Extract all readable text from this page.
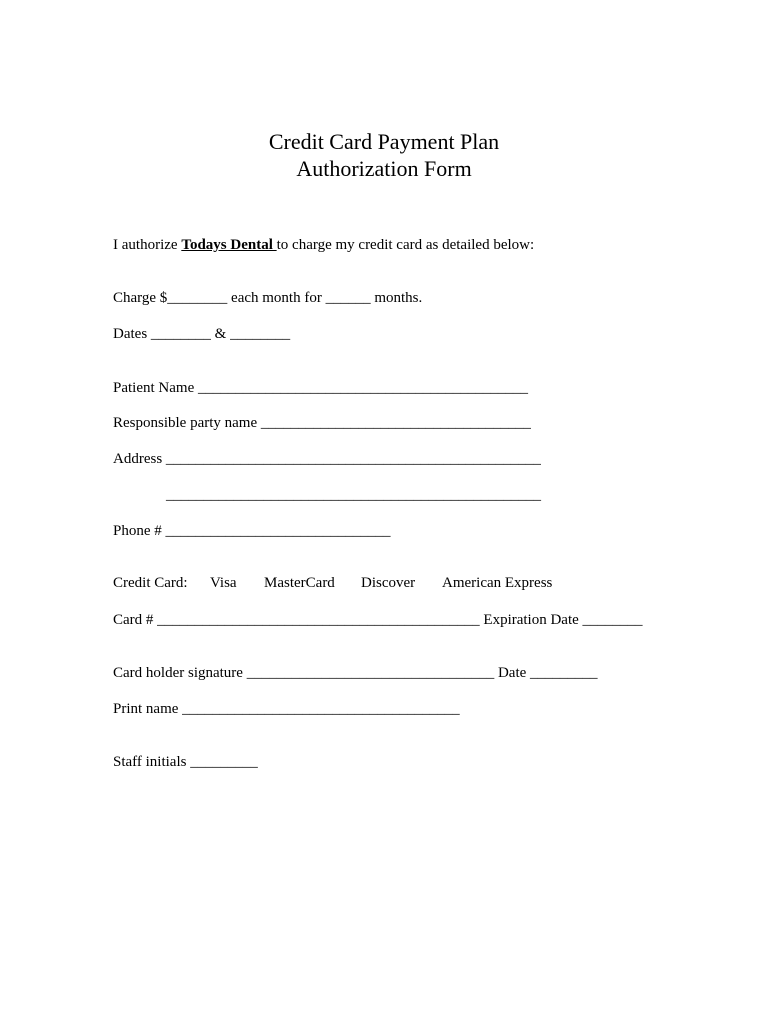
Credit Card Payment Plan
Authorization Form
I authorize Todays Dental to charge my credit card as detailed below:
Charge $________ each month for ______ months.
Dates ________ & ________
Patient Name ____________________________________________
Responsible party name ____________________________________
Address __________________________________________________
__________________________________________________
Phone # ______________________________

Credit Card:

Visa

MasterCard

Discover

American Express

Card # ___________________________________________ Expiration Date ________
Card holder signature _________________________________ Date _________
Print name _____________________________________
Staff initials _________
